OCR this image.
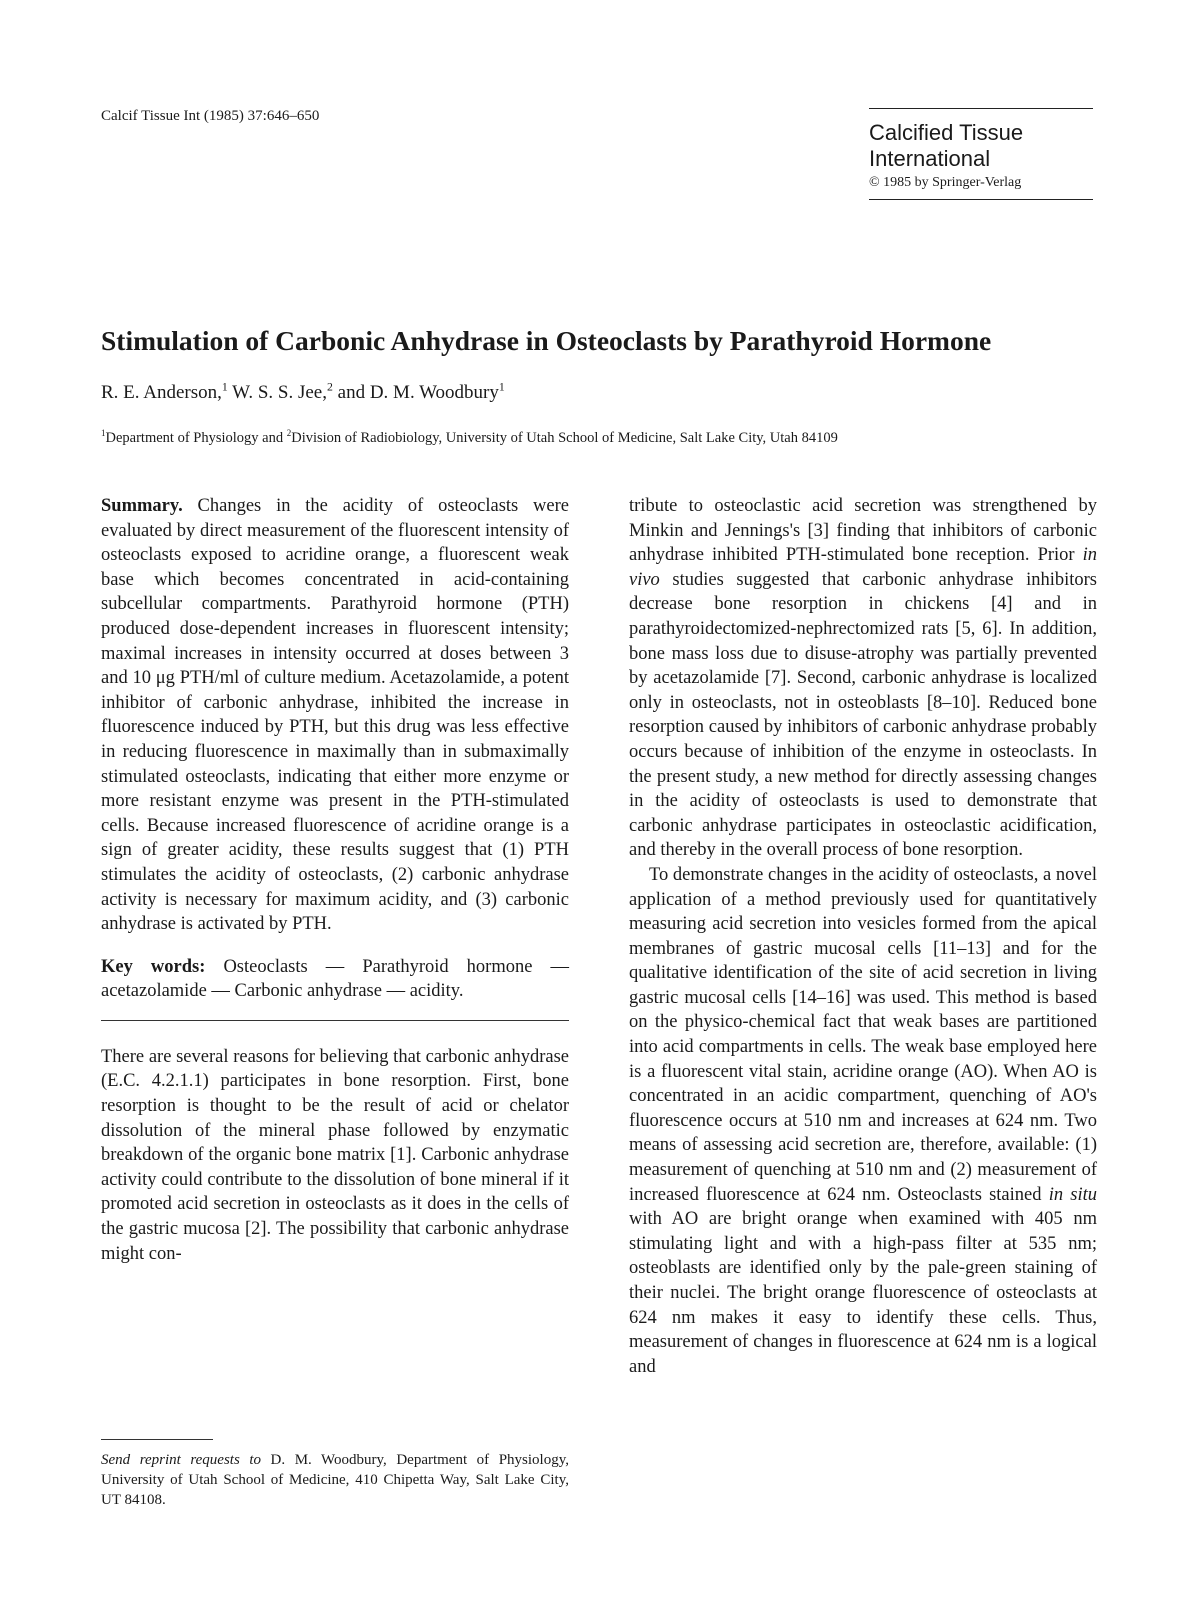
Calcif Tissue Int (1985) 37:646–650
Calcified Tissue
International
© 1985 by Springer-Verlag
Stimulation of Carbonic Anhydrase in Osteoclasts by Parathyroid Hormone
R. E. Anderson,$^1$ W. S. S. Jee,$^2$ and D. M. Woodbury$^1$
$^1$Department of Physiology and $^2$Division of Radiobiology, University of Utah School of Medicine, Salt Lake City, Utah 84109

Summary. Changes in the acidity of osteoclasts were evaluated by direct measurement of the fluorescent intensity of osteoclasts exposed to acridine orange, a fluorescent weak base which becomes concentrated in acid-containing subcellular compartments. Parathyroid hormone (PTH) produced dose-dependent increases in fluorescent intensity; maximal increases in intensity occurred at doses between 3 and 10 μg PTH/ml of culture medium. Acetazolamide, a potent inhibitor of carbonic anhydrase, inhibited the increase in fluorescence induced by PTH, but this drug was less effective in reducing fluorescence in maximally than in submaximally stimulated osteoclasts, indicating that either more enzyme or more resistant enzyme was present in the PTH-stimulated cells. Because increased fluorescence of acridine orange is a sign of greater acidity, these results suggest that (1) PTH stimulates the acidity of osteoclasts, (2) carbonic anhydrase activity is necessary for maximum acidity, and (3) carbonic anhydrase is activated by PTH.

Key words: Osteoclasts — Parathyroid hormone — acetazolamide — Carbonic anhydrase — acidity.

There are several reasons for believing that carbonic anhydrase (E.C. 4.2.1.1) participates in bone resorption. First, bone resorption is thought to be the result of acid or chelator dissolution of the mineral phase followed by enzymatic breakdown of the organic bone matrix [1]. Carbonic anhydrase activity could contribute to the dissolution of bone mineral if it promoted acid secretion in osteoclasts as it does in the cells of the gastric mucosa [2]. The possibility that carbonic anhydrase might con-

tribute to osteoclastic acid secretion was strengthened by Minkin and Jennings's [3] finding that inhibitors of carbonic anhydrase inhibited PTH-stimulated bone reception. Prior in vivo studies suggested that carbonic anhydrase inhibitors decrease bone resorption in chickens [4] and in parathyroidectomized-nephrectomized rats [5, 6]. In addition, bone mass loss due to disuse-atrophy was partially prevented by acetazolamide [7]. Second, carbonic anhydrase is localized only in osteoclasts, not in osteoblasts [8–10]. Reduced bone resorption caused by inhibitors of carbonic anhydrase probably occurs because of inhibition of the enzyme in osteoclasts. In the present study, a new method for directly assessing changes in the acidity of osteoclasts is used to demonstrate that carbonic anhydrase participates in osteoclastic acidification, and thereby in the overall process of bone resorption.

To demonstrate changes in the acidity of osteoclasts, a novel application of a method previously used for quantitatively measuring acid secretion into vesicles formed from the apical membranes of gastric mucosal cells [11–13] and for the qualitative identification of the site of acid secretion in living gastric mucosal cells [14–16] was used. This method is based on the physico-chemical fact that weak bases are partitioned into acid compartments in cells. The weak base employed here is a fluorescent vital stain, acridine orange (AO). When AO is concentrated in an acidic compartment, quenching of AO's fluorescence occurs at 510 nm and increases at 624 nm. Two means of assessing acid secretion are, therefore, available: (1) measurement of quenching at 510 nm and (2) measurement of increased fluorescence at 624 nm. Osteoclasts stained in situ with AO are bright orange when examined with 405 nm stimulating light and with a high-pass filter at 535 nm; osteoblasts are identified only by the pale-green staining of their nuclei. The bright orange fluorescence of osteoclasts at 624 nm makes it easy to identify these cells. Thus, measurement of changes in fluorescence at 624 nm is a logical and

Send reprint requests to D. M. Woodbury, Department of Physiology, University of Utah School of Medicine, 410 Chipetta Way, Salt Lake City, UT 84108.
